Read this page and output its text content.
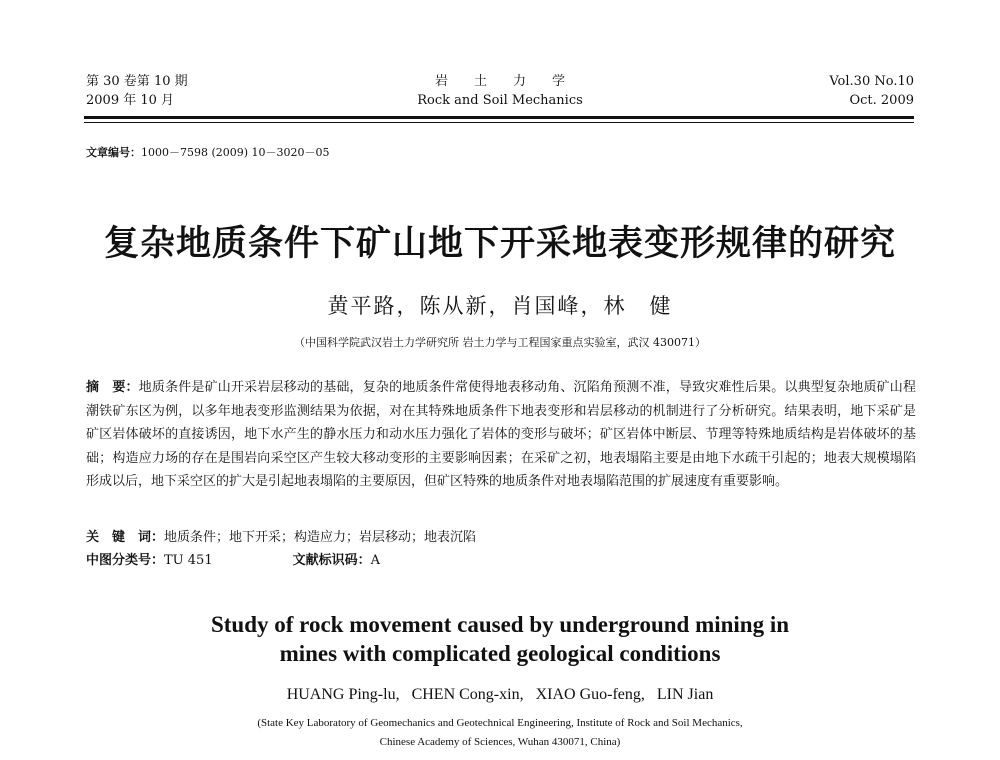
第 30 卷第 10 期
2009 年 10 月
岩土力学
Rock and Soil Mechanics
Vol.30 No.10
Oct. 2009
文章编号：1000－7598 (2009) 10－3020－05
复杂地质条件下矿山地下开采地表变形规律的研究
黄平路，陈从新，肖国峰，林　健
（中国科学院武汉岩土力学研究所 岩土力学与工程国家重点实验室，武汉 430071）
摘　要：地质条件是矿山开采岩层移动的基础，复杂的地质条件常使得地表移动角、沉陷角预测不准，导致灾难性后果。以典型复杂地质矿山程潮铁矿东区为例，以多年地表变形监测结果为依据，对在其特殊地质条件下地表变形和岩层移动的机制进行了分析研究。结果表明，地下采矿是矿区岩体破坏的直接诱因，地下水产生的静水压力和动水压力强化了岩体的变形与破坏；矿区岩体中断层、节理等特殊地质结构是岩体破坏的基础；构造应力场的存在是围岩向采空区产生较大移动变形的主要影响因素；在采矿之初，地表塌陷主要是由地下水疏干引起的；地表大规模塌陷形成以后，地下采空区的扩大是引起地表塌陷的主要原因，但矿区特殊的地质条件对地表塌陷范围的扩展速度有重要影响。
关　键　词：地质条件；地下开采；构造应力；岩层移动；地表沉陷
中图分类号：TU 451	文献标识码：A
Study of rock movement caused by underground mining in
mines with complicated geological conditions
HUANG Ping-lu,   CHEN Cong-xin,   XIAO Guo-feng,   LIN Jian
(State Key Laboratory of Geomechanics and Geotechnical Engineering, Institute of Rock and Soil Mechanics,
Chinese Academy of Sciences, Wuhan 430071, China)
